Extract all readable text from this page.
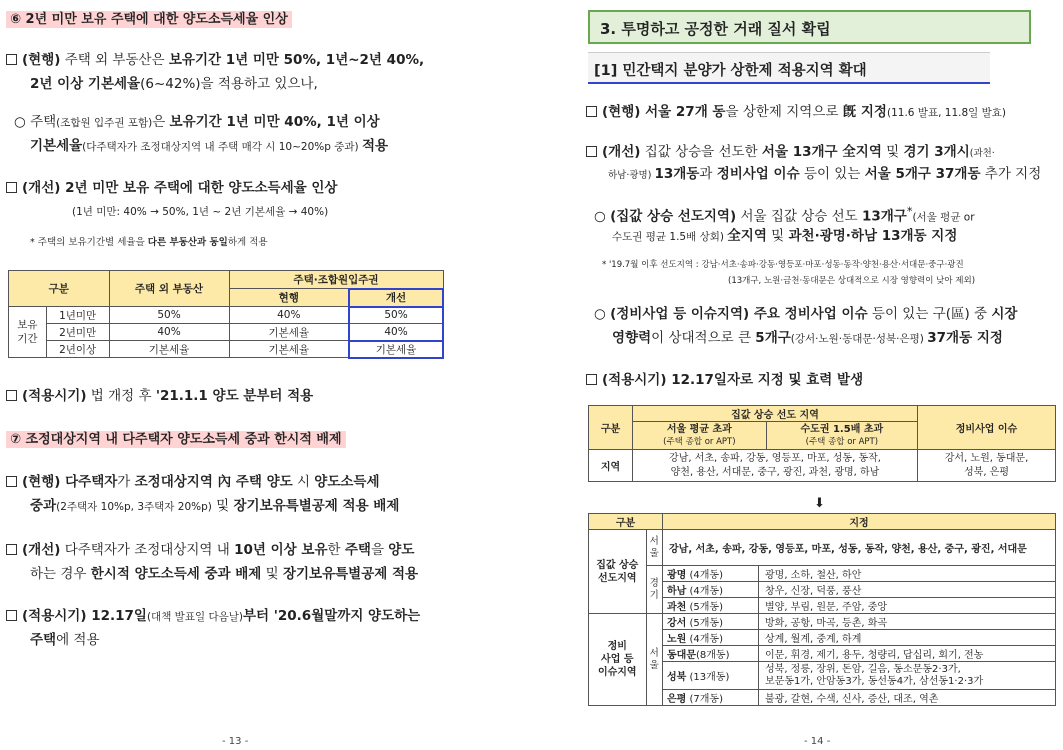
⑥ 2년 미만 보유 주택에 대한 양도소득세율 인상
(현행) 주택 외 부동산은 보유기간 1년 미만 50%, 1년~2년 40%,
2년 이상 기본세율(6~42%)을 적용하고 있으나,
○ 주택(조합원 입주권 포함)은 보유기간 1년 미만 40%, 1년 이상
기본세율(다주택자가 조정대상지역 내 주택 매각 시 10~20%p 중과) 적용
(개선) 2년 미만 보유 주택에 대한 양도소득세율 인상
(1년 미만: 40% → 50%, 1년 ~ 2년 기본세율 → 40%)
* 주택의 보유기간별 세율을 다른 부동산과 동일하게 적용
구분		주택 외 부동산	주택·조합원입주권	
			현행	개선
보유
기간	1년미만	50%	40%	50%
	2년미만	40%	기본세율	40%
	2년이상	기본세율	기본세율	기본세율
(적용시기) 법 개정 후 '21.1.1 양도 분부터 적용
⑦ 조정대상지역 내 다주택자 양도소득세 중과 한시적 배제
(현행) 다주택자가 조정대상지역 內 주택 양도 시 양도소득세
중과(2주택자 10%p, 3주택자 20%p) 및 장기보유특별공제 적용 배제
(개선) 다주택자가 조정대상지역 내 10년 이상 보유한 주택을 양도
하는 경우 한시적 양도소득세 중과 배제 및 장기보유특별공제 적용
(적용시기) 12.17일(대책 발표일 다음날)부터 '20.6월말까지 양도하는
주택에 적용
- 13 -
3. 투명하고 공정한 거래 질서 확립
[1] 민간택지 분양가 상한제 적용지역 확대
(현행) 서울 27개 동을 상한제 지역으로 旣 지정(11.6 발표, 11.8일 발효)
(개선) 집값 상승을 선도한 서울 13개구 全지역 및 경기 3개시(과천·
하남·광명) 13개동과 정비사업 이슈 등이 있는 서울 5개구 37개동 추가 지정
○ (집값 상승 선도지역) 서울 집값 상승 선도 13개구*(서울 평균 or
수도권 평균 1.5배 상회) 全지역 및 과천·광명·하남 13개동 지정
* '19.7월 이후 선도지역 : 강남·서초·송파·강동·영등포·마포·성동·동작·양천·용산·서대문·중구·광진
(13개구, 노원·금천·동대문은 상대적으로 시장 영향력이 낮아 제외)
○ (정비사업 등 이슈지역) 주요 정비사업 이슈 등이 있는 구(區) 중 시장
영향력이 상대적으로 큰 5개구(강서·노원·동대문·성북·은평) 37개동 지정
(적용시기) 12.17일자로 지정 및 효력 발생
구분	집값 상승 선도 지역		정비사업 이슈
	서울 평균 초과
(주택 종합 or APT)	수도권 1.5배 초과
(주택 종합 or APT)	
지역	강남, 서초, 송파, 강동, 영등포, 마포, 성동, 동작,
양천, 용산, 서대문, 중구, 광진, 과천, 광명, 하남		강서, 노원, 동대문,
성북, 은평
⬇
구분		지정	
집값 상승
선도지역	서울	강남, 서초, 송파, 강동, 영등포, 마포, 성동, 동작, 양천, 용산, 중구, 광진, 서대문	
	경기	광명 (4개동)	광명, 소하, 철산, 하안
		하남 (4개동)	창우, 신장, 덕풍, 풍산
		과천 (5개동)	별양, 부림, 원문, 주암, 중앙
정비
사업 등
이슈지역	서울	강서 (5개동)	방화, 공항, 마곡, 등촌, 화곡
		노원 (4개동)	상계, 월계, 중계, 하계
		동대문(8개동)	이문, 휘경, 제기, 용두, 청량리, 답십리, 회기, 전농
		성북 (13개동)	성북, 정릉, 장위, 돈암, 길음, 동소문동2·3가,
보문동1가, 안암동3가, 동선동4가, 삼선동1·2·3가
		은평 (7개동)	불광, 갈현, 수색, 신사, 증산, 대조, 역촌
- 14 -
